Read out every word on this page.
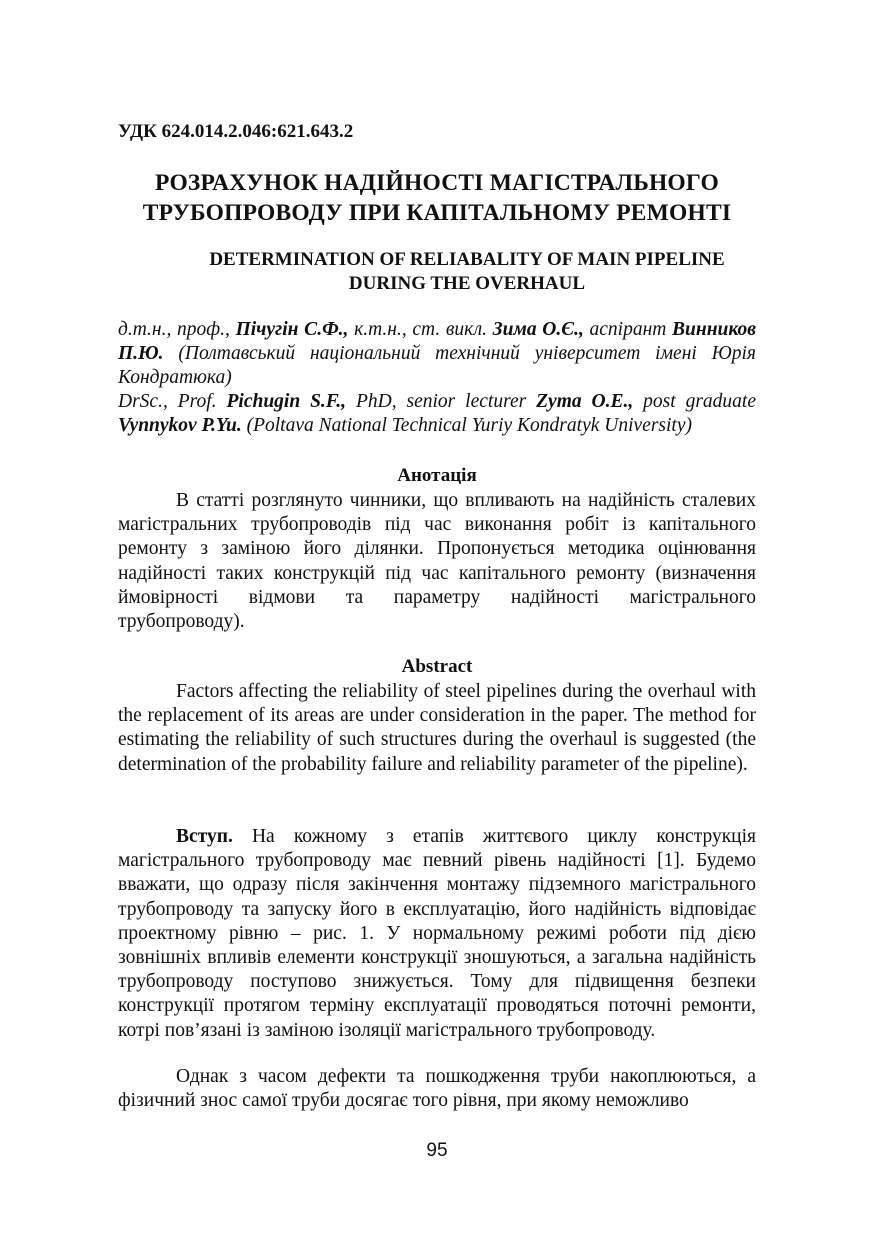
УДК 624.014.2.046:621.643.2
РОЗРАХУНОК НАДІЙНОСТІ МАГІСТРАЛЬНОГО
ТРУБОПРОВОДУ ПРИ КАПІТАЛЬНОМУ РЕМОНТІ
DETERMINATION OF RELIABALITY OF MAIN PIPELINE
DURING THE OVERHAUL

д.т.н., проф., Пічугін С.Ф., к.т.н., ст. викл. Зима О.Є., аспірант Винников П.Ю. (Полтавський національний технічний університет імені Юрія Кондратюка)

DrSc., Prof. Pichugin S.F., PhD, senior lecturer Zyma O.E., post graduate Vynnykov P.Yu. (Poltava National Technical Yuriy Kondratyk University)

Анотація

В статті розглянуто чинники, що впливають на надійність сталевих магістральних трубопроводів під час виконання робіт із капітального ремонту з заміною його ділянки. Пропонується методика оцінювання надійності таких конструкцій під час капітального ремонту (визначення ймовірності відмови та параметру надійності магістрального трубопроводу).

Abstract

Factors affecting the reliability of steel pipelines during the overhaul with the replacement of its areas are under consideration in the paper. The method for estimating the reliability of such structures during the overhaul is suggested (the determination of the probability failure and reliability parameter of the pipeline).

Вступ. На кожному з етапів життєвого циклу конструкція магістрального трубопроводу має певний рівень надійності [1]. Будемо вважати, що одразу після закінчення монтажу підземного магістрального трубопроводу та запуску його в експлуатацію, його надійність відповідає проектному рівню – рис. 1. У нормальному режимі роботи під дією зовнішніх впливів елементи конструкції зношуються, а загальна надійність трубопроводу поступово знижується. Тому для підвищення безпеки конструкції протягом терміну експлуатації проводяться поточні ремонти, котрі пов’язані із заміною ізоляції магістрального трубопроводу.

Однак з часом дефекти та пошкодження труби накоплюються, а фізичний знос самої труби досягає того рівня, при якому неможливо

95
